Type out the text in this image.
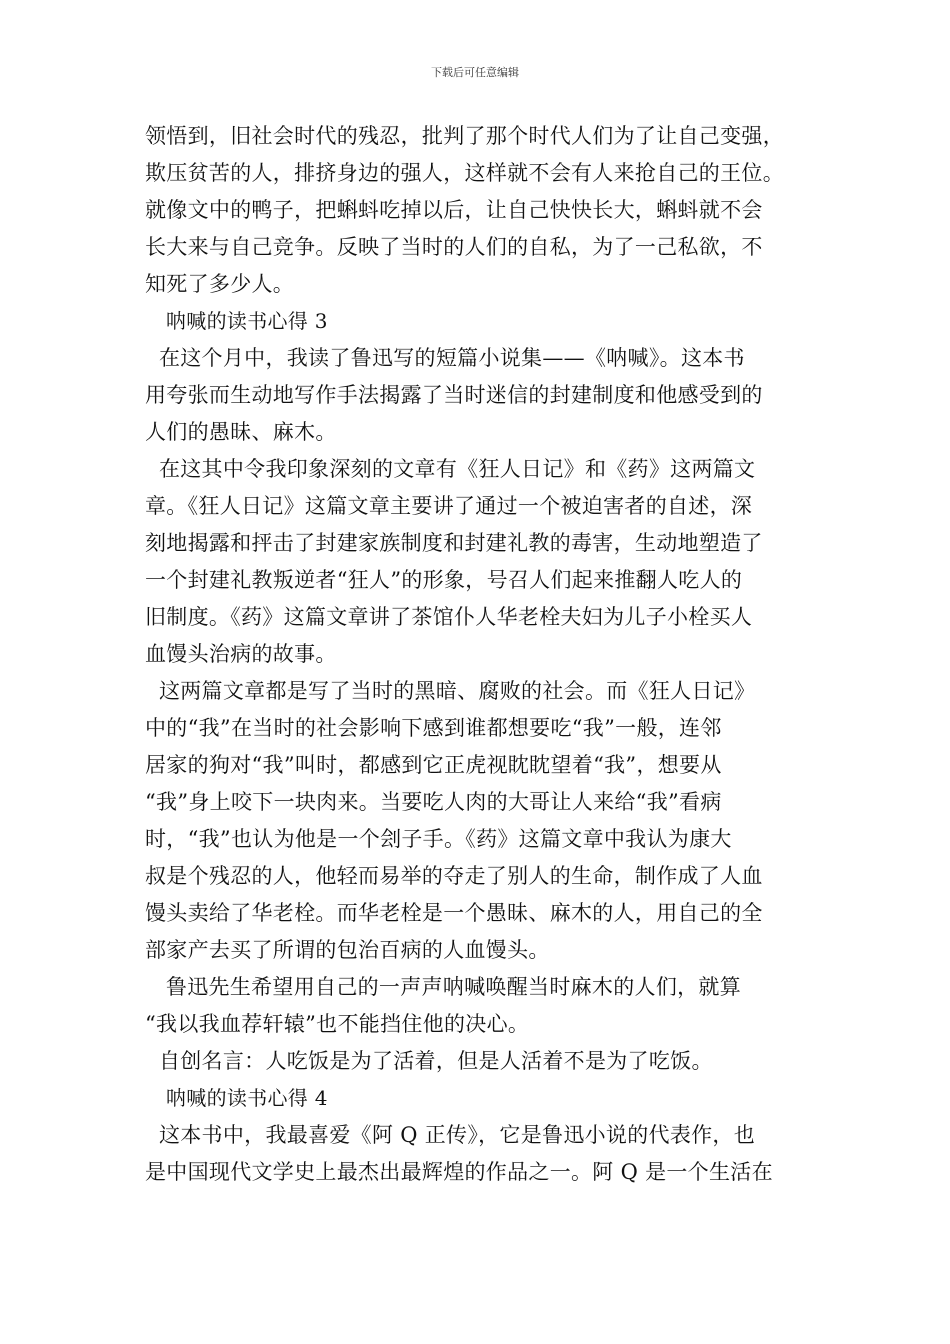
下载后可任意编辑
领悟到，旧社会时代的残忍，批判了那个时代人们为了让自己变强，
欺压贫苦的人，排挤身边的强人，这样就不会有人来抢自己的王位。
就像文中的鸭子，把蝌蚪吃掉以后，让自己快快长大，蝌蚪就不会
长大来与自己竞争。反映了当时的人们的自私，为了一己私欲，不
知死了多少人。
呐喊的读书心得 3
在这个月中，我读了鲁迅写的短篇小说集——《呐喊》。这本书
用夸张而生动地写作手法揭露了当时迷信的封建制度和他感受到的
人们的愚昧、麻木。
在这其中令我印象深刻的文章有《狂人日记》和《药》这两篇文
章。《狂人日记》这篇文章主要讲了通过一个被迫害者的自述，深
刻地揭露和抨击了封建家族制度和封建礼教的毒害，生动地塑造了
一个封建礼教叛逆者“狂人”的形象，号召人们起来推翻人吃人的
旧制度。《药》这篇文章讲了茶馆仆人华老栓夫妇为儿子小栓买人
血馒头治病的故事。
这两篇文章都是写了当时的黑暗、腐败的社会。而《狂人日记》
中的“我”在当时的社会影响下感到谁都想要吃“我”一般，连邻
居家的狗对“我”叫时，都感到它正虎视眈眈望着“我”，想要从
“我”身上咬下一块肉来。当要吃人肉的大哥让人来给“我”看病
时，“我”也认为他是一个刽子手。《药》这篇文章中我认为康大
叔是个残忍的人，他轻而易举的夺走了别人的生命，制作成了人血
馒头卖给了华老栓。而华老栓是一个愚昧、麻木的人，用自己的全
部家产去买了所谓的包治百病的人血馒头。
鲁迅先生希望用自己的一声声呐喊唤醒当时麻木的人们，就算
“我以我血荐轩辕”也不能挡住他的决心。
自创名言：人吃饭是为了活着，但是人活着不是为了吃饭。
呐喊的读书心得 4
这本书中，我最喜爱《阿 Q 正传》，它是鲁迅小说的代表作，也
是中国现代文学史上最杰出最辉煌的作品之一。阿 Q 是一个生活在
